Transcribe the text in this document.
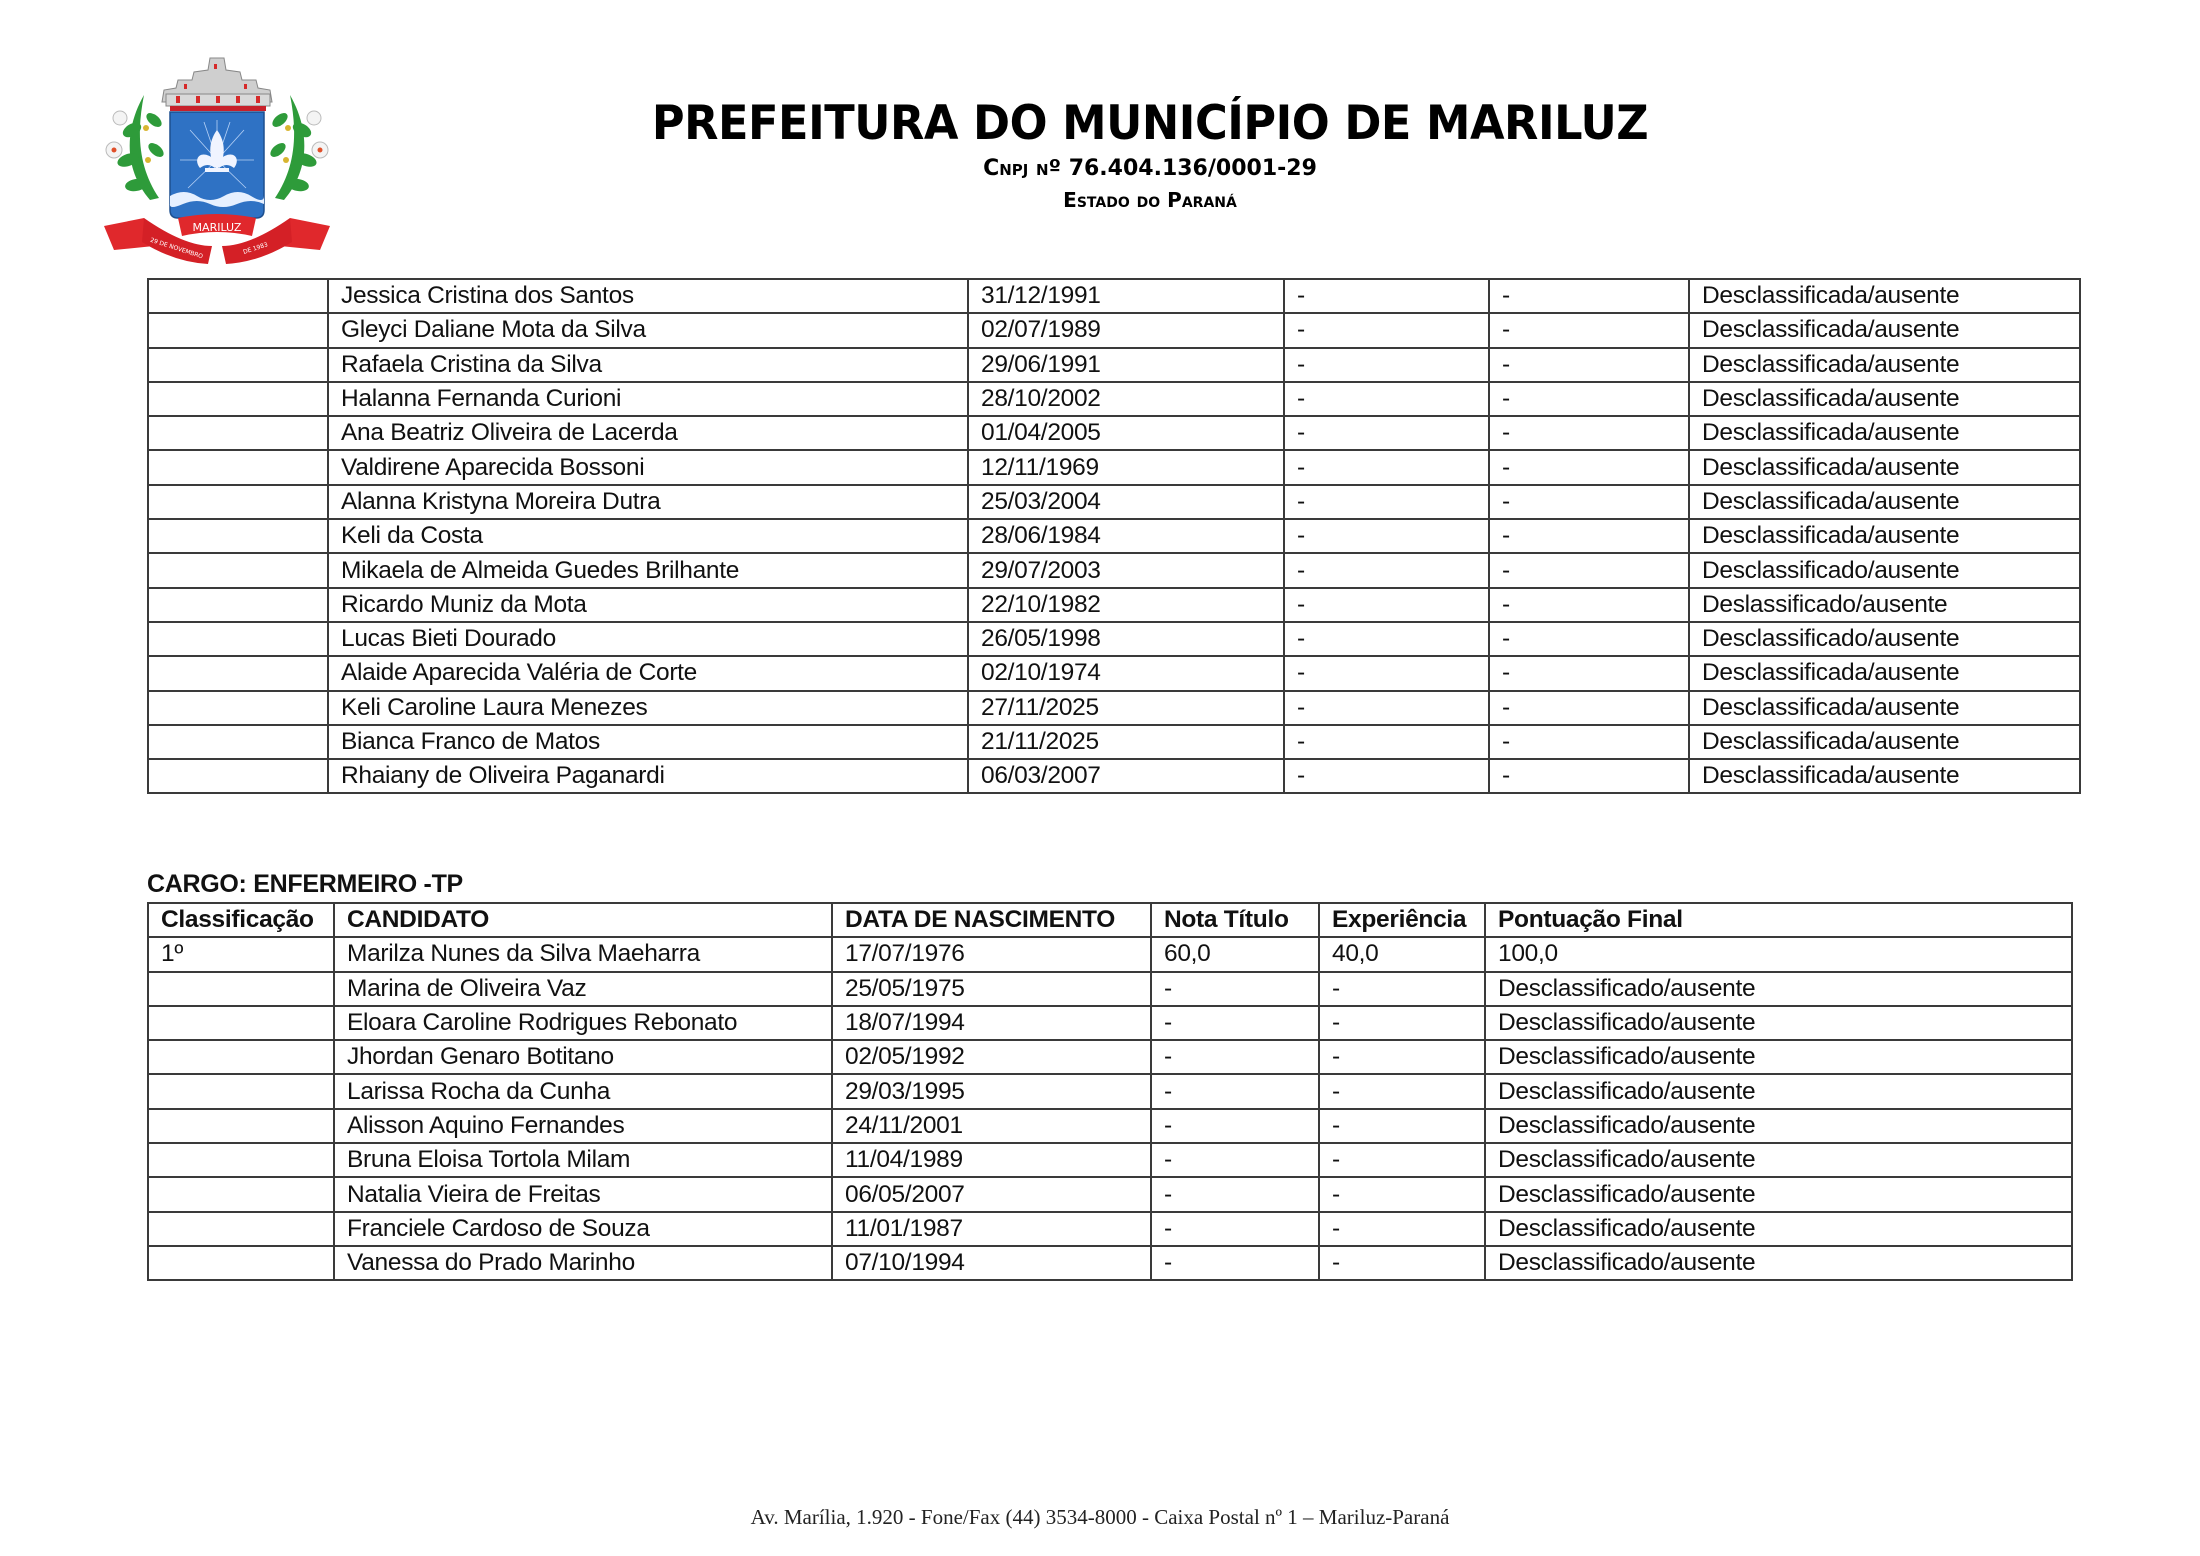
MARILUZ
29 DE NOVEMBRO	DE 1983
PREFEITURA DO MUNICÍPIO DE MARILUZ
Cnpj nº 76.404.136/0001-29
Estado do Paraná
	Jessica Cristina dos Santos	31/12/1991	-	-	Desclassificada/ausente
	Gleyci Daliane Mota da Silva	02/07/1989	-	-	Desclassificada/ausente
	Rafaela Cristina da Silva	29/06/1991	-	-	Desclassificada/ausente
	Halanna Fernanda Curioni	28/10/2002	-	-	Desclassificada/ausente
	Ana Beatriz Oliveira de Lacerda	01/04/2005	-	-	Desclassificada/ausente
	Valdirene Aparecida Bossoni	12/11/1969	-	-	Desclassificada/ausente
	Alanna Kristyna Moreira Dutra	25/03/2004	-	-	Desclassificada/ausente
	Keli da Costa	28/06/1984	-	-	Desclassificada/ausente
	Mikaela de Almeida Guedes Brilhante	29/07/2003	-	-	Desclassificado/ausente
	Ricardo Muniz da Mota	22/10/1982	-	-	Deslassificado/ausente
	Lucas Bieti Dourado	26/05/1998	-	-	Desclassificado/ausente
	Alaide Aparecida Valéria de Corte	02/10/1974	-	-	Desclassificada/ausente
	Keli Caroline Laura Menezes	27/11/2025	-	-	Desclassificada/ausente
	Bianca Franco de Matos	21/11/2025	-	-	Desclassificada/ausente
	Rhaiany de Oliveira Paganardi	06/03/2007	-	-	Desclassificada/ausente
CARGO: ENFERMEIRO -TP
Classificação	CANDIDATO	DATA DE NASCIMENTO	Nota Título	Experiência	Pontuação Final
1º	Marilza Nunes da Silva Maeharra	17/07/1976	60,0	40,0	100,0
	Marina de Oliveira Vaz	25/05/1975	-	-	Desclassificado/ausente
	Eloara Caroline Rodrigues Rebonato	18/07/1994	-	-	Desclassificado/ausente
	Jhordan Genaro Botitano	02/05/1992	-	-	Desclassificado/ausente
	Larissa Rocha da Cunha	29/03/1995	-	-	Desclassificado/ausente
	Alisson Aquino Fernandes	24/11/2001	-	-	Desclassificado/ausente
	Bruna Eloisa Tortola Milam	11/04/1989	-	-	Desclassificado/ausente
	Natalia Vieira de Freitas	06/05/2007	-	-	Desclassificado/ausente
	Franciele Cardoso de Souza	11/01/1987	-	-	Desclassificado/ausente
	Vanessa do Prado Marinho	07/10/1994	-	-	Desclassificado/ausente
Av. Marília, 1.920 - Fone/Fax (44) 3534-8000 - Caixa Postal nº 1 – Mariluz-Paraná
